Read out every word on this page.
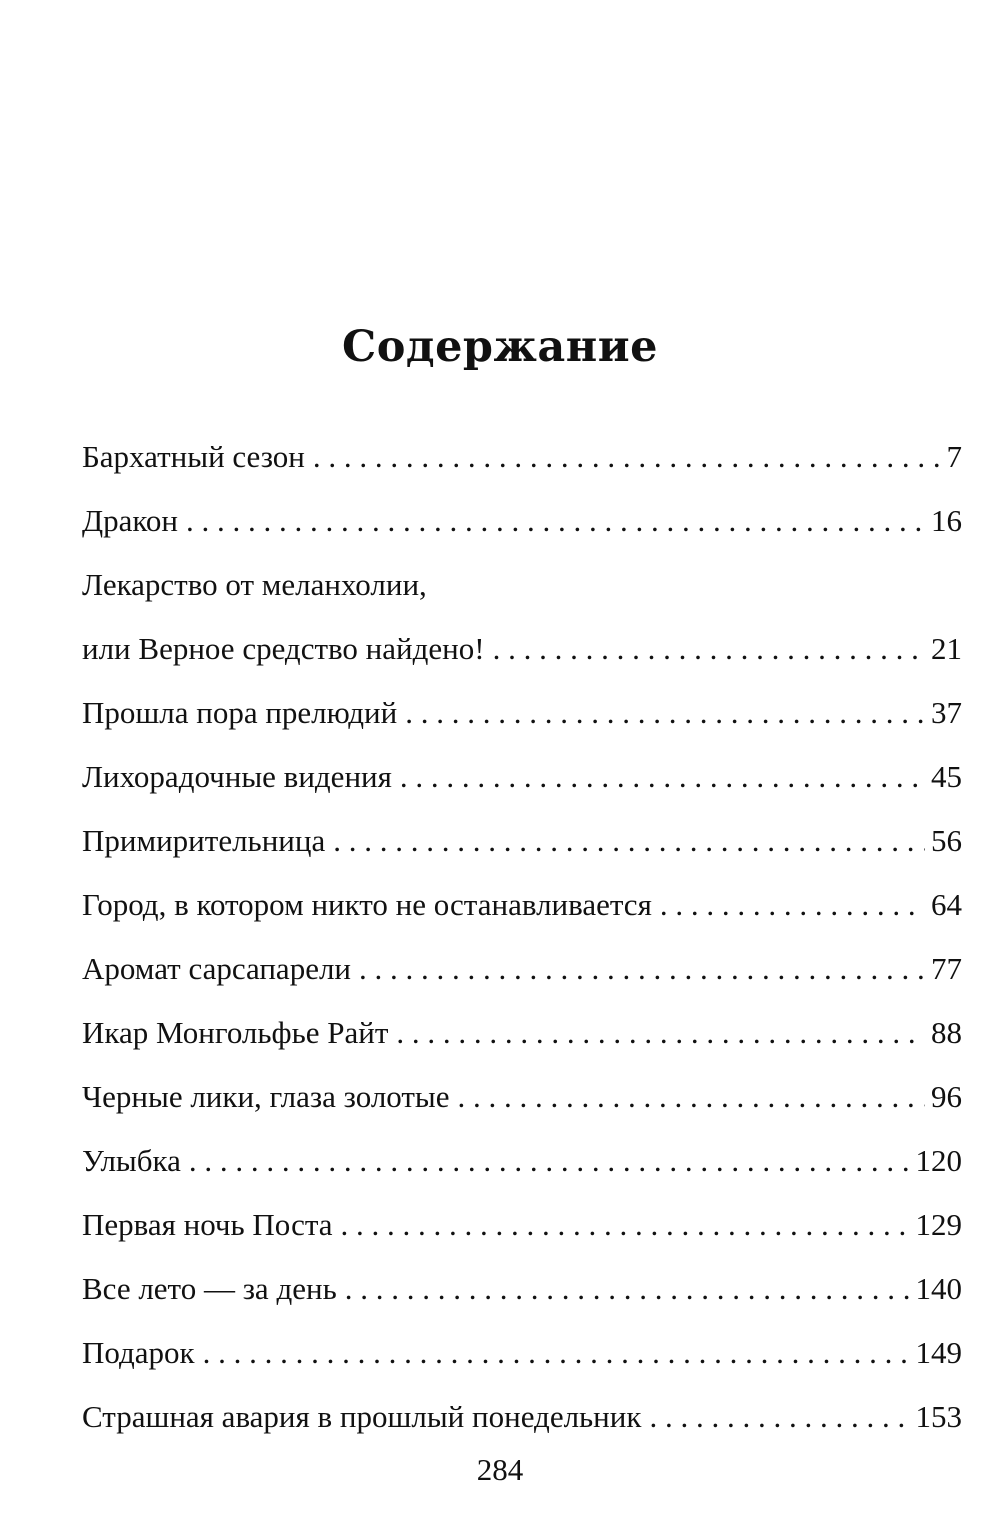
Содержание
Бархатный сезон . . .	7
Дракон . . .	16
Лекарство от меланхолии,
или Верное средство найдено! . . .	21
Прошла пора прелюдий . . .	37
Лихорадочные видения . . .	45
Примирительница . . .	56
Город, в котором никто не останавливается . . .	64
Аромат сарсапарели . . .	77
Икар Монгольфье Райт . . .	88
Черные лики, глаза золотые . . .	96
Улыбка . . .	120
Первая ночь Поста . . .	129
Все лето — за день . . .	140
Подарок . . .	149
Страшная авария в прошлый понедельник . . .	153
284
